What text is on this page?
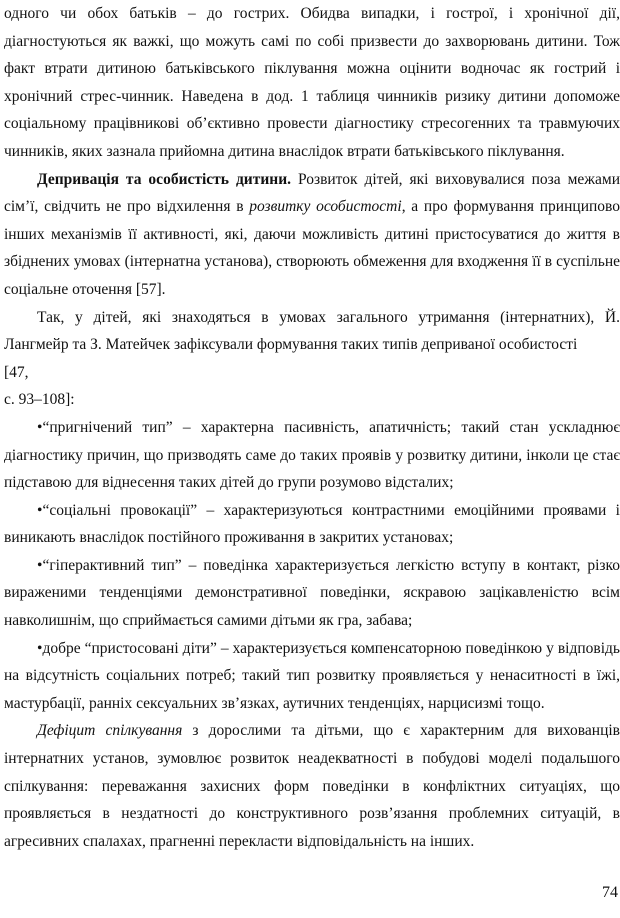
одного чи обох батьків – до гострих. Обидва випадки, і гострої, і хронічної дії, діагностуються як важкі, що можуть самі по собі призвести до захворювань дитини. Тож факт втрати дитиною батьківського піклування можна оцінити водночас як гострий і хронічний стрес-чинник. Наведена в дод. 1 таблиця чинників ризику дитини допоможе соціальному працівникові об’єктивно провести діагностику стресогенних та травмуючих чинників, яких зазнала прийомна дитина внаслідок втрати батьківського піклування.

Депривація та особистість дитини. Розвиток дітей, які виховувалися поза межами сім’ї, свідчить не про відхилення в розвитку особистості, а про формування принципово інших механізмів її активності, які, даючи можливість дитині пристосуватися до життя в збіднених умовах (інтернатна установа), створюють обмеження для входження її в суспільне соціальне оточення [57].

Так, у дітей, які знаходяться в умовах загального утримання (інтернатних), Й. Лангмейр та З. Матейчек зафіксували формування таких типів деприваної особистості
[47,
с. 93–108]:

•“пригнічений тип” – характерна пасивність, апатичність; такий стан ускладнює діагностику причин, що призводять саме до таких проявів у розвитку дитини, інколи це стає підставою для віднесення таких дітей до групи розумово відсталих;

•“соціальні провокації” – характеризуються контрастними емоційними проявами і виникають внаслідок постійного проживання в закритих установах;

•“гіперактивний тип” – поведінка характеризується легкістю вступу в контакт, різко вираженими тенденціями демонстративної поведінки, яскравою зацікавленістю всім навколишнім, що сприймається самими дітьми як гра, забава;

•добре “пристосовані діти” – характеризується компенсаторною поведінкою у відповідь на відсутність соціальних потреб; такий тип розвитку проявляється у ненаситності в їжі, мастурбації, ранніх сексуальних зв’язках, аутичних тенденціях, нарцисизмі тощо.

Дефіцит спілкування з дорослими та дітьми, що є характерним для вихованців інтернатних установ, зумовлює розвиток неадекватності в побудові моделі подальшого спілкування: переважання захисних форм поведінки в конфліктних ситуаціях, що проявляється в нездатності до конструктивного розв’язання проблемних ситуацій, в агресивних спалахах, прагненні перекласти відповідальність на інших.

74
